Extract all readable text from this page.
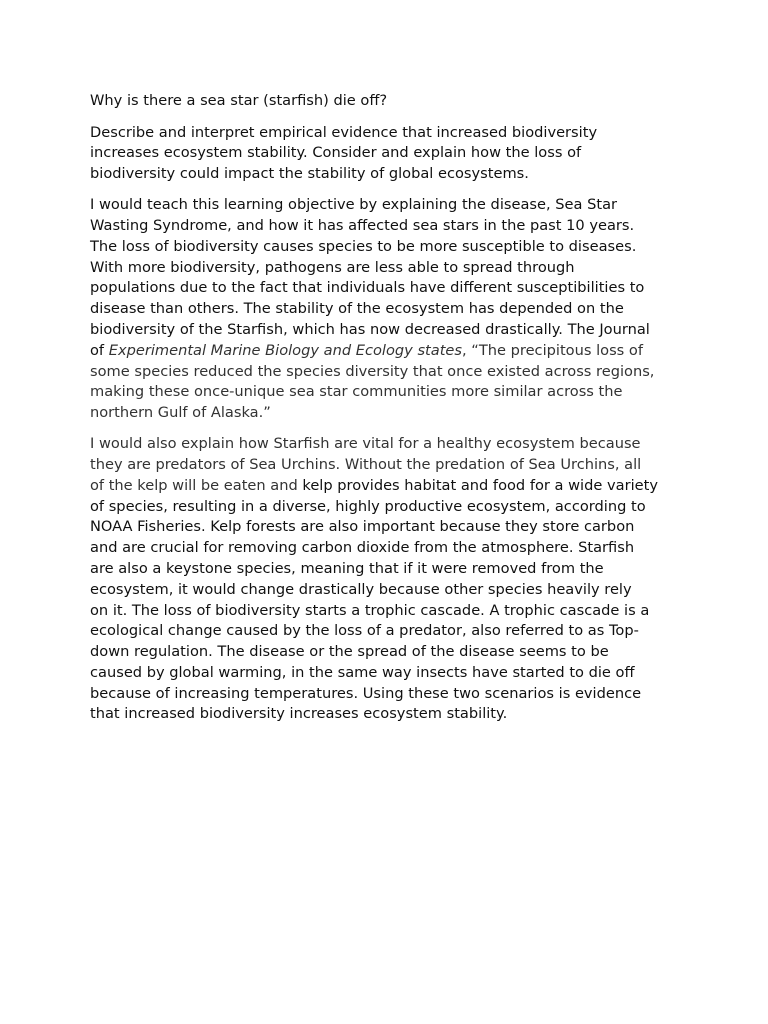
Why is there a sea star (starfish) die off?

Describe and interpret empirical evidence that increased biodiversity
increases ecosystem stability. Consider and explain how the loss of
biodiversity could impact the stability of global ecosystems.

I would teach this learning objective by explaining the disease, Sea Star
Wasting Syndrome, and how it has affected sea stars in the past 10 years.
The loss of biodiversity causes species to be more susceptible to diseases.
With more biodiversity, pathogens are less able to spread through
populations due to the fact that individuals have different susceptibilities to
disease than others. The stability of the ecosystem has depended on the
biodiversity of the Starfish, which has now decreased drastically. The Journal
of Experimental Marine Biology and Ecology states, “The precipitous loss of
some species reduced the species diversity that once existed across regions,
making these once-unique sea star communities more similar across the
northern Gulf of Alaska.”

I would also explain how Starfish are vital for a healthy ecosystem because
they are predators of Sea Urchins. Without the predation of Sea Urchins, all
of the kelp will be eaten and kelp provides habitat and food for a wide variety
of species, resulting in a diverse, highly productive ecosystem, according to
NOAA Fisheries. Kelp forests are also important because they store carbon
and are crucial for removing carbon dioxide from the atmosphere. Starfish
are also a keystone species, meaning that if it were removed from the
ecosystem, it would change drastically because other species heavily rely
on it. The loss of biodiversity starts a trophic cascade. A trophic cascade is a
ecological change caused by the loss of a predator, also referred to as Top-
down regulation. The disease or the spread of the disease seems to be
caused by global warming, in the same way insects have started to die off
because of increasing temperatures. Using these two scenarios is evidence
that increased biodiversity increases ecosystem stability.
